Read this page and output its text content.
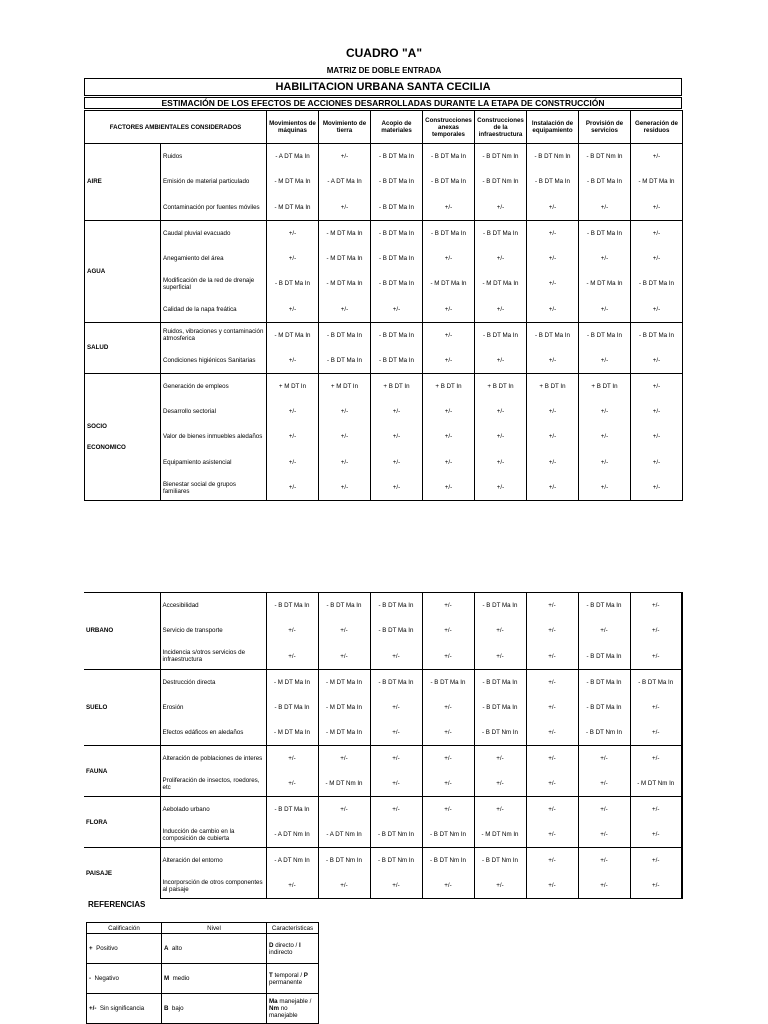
CUADRO "A"
MATRIZ DE DOBLE ENTRADA
HABILITACION URBANA SANTA CECILIA
ESTIMACIÓN DE LOS EFECTOS DE ACCIONES DESARROLLADAS DURANTE LA ETAPA DE CONSTRUCCIÓN
FACTORES AMBIENTALES CONSIDERADOS		Movimientos de máquinas	Movimiento de tierra	Acopio de materiales	Construcciones anexas temporales	Construcciones de la infraestructura	Instalación de equipamiento	Provisión de servicios	Generación de residuos

AIRE	Ruidos	- A DT Ma In	+/-	- B DT Ma In	- B DT Ma In	- B DT Nm In	- B DT Nm In	- B DT Nm In	+/-
	Emisión de material particulado	- M DT Ma In	- A DT Ma In	- B DT Ma In	- B DT Ma In	- B DT Nm In	- B DT Ma In	- B DT Ma In	- M DT Ma In
	Contaminación por fuentes móviles	- M DT Ma In	+/-	- B DT Ma In	+/-	+/-	+/-	+/-	+/-

AGUA	Caudal pluvial evacuado	+/-	- M DT Ma In	- B DT Ma In	- B DT Ma In	- B DT Ma In	+/-	- B DT Ma In	+/-
	Anegamiento del área	+/-	- M DT Ma In	- B DT Ma In	+/-	+/-	+/-	+/-	+/-
	Modificación de la red de drenaje superficial	- B DT Ma In	- M DT Ma In	- B DT Ma In	- M DT Ma In	- M DT Ma In	+/-	- M DT Ma In	- B DT Ma In
	Calidad de la napa freática	+/-	+/-	+/-	+/-	+/-	+/-	+/-	+/-

SALUD	Ruidos, vibraciones y contaminación atmosferica	- M DT Ma In	- B DT Ma In	- B DT Ma In	+/-	- B DT Ma In	- B DT Ma In	- B DT Ma In	- B DT Ma In
	Condiciones higiénicos Sanitarias	+/-	- B DT Ma In	- B DT Ma In	+/-	+/-	+/-	+/-	+/-

SOCIO
ECONOMICO	Generación de empleos	+ M DT In	+ M DT In	+ B DT In	+ B DT In	+ B DT In	+ B DT In	+ B DT In	+/-
	Desarrollo sectorial	+/-	+/-	+/-	+/-	+/-	+/-	+/-	+/-
	Valor de bienes inmuebles aledaños	+/-	+/-	+/-	+/-	+/-	+/-	+/-	+/-
	Equipamiento asistencial	+/-	+/-	+/-	+/-	+/-	+/-	+/-	+/-
	Bienestar social de grupos familiares	+/-	+/-	+/-	+/-	+/-	+/-	+/-	+/-
URBANO	Accesibilidad	- B DT Ma In	- B DT Ma In	- B DT Ma In	+/-	- B DT Ma In	+/-	- B DT Ma In	+/-
	Servicio de transporte	+/-	+/-	- B DT Ma In	+/-	+/-	+/-	+/-	+/-
	Incidencia s/otros servicios de infraestructura	+/-	+/-	+/-	+/-	+/-	+/-	- B DT Ma In	+/-

SUELO	Destrucción directa	- M DT Ma In	- M DT Ma In	- B DT Ma In	- B DT Ma In	- B DT Ma In	+/-	- B DT Ma In	- B DT Ma In
	Erosión	- B DT Ma In	- M DT Ma In	+/-	+/-	- B DT Ma In	+/-	- B DT Ma In	+/-
	Efectos edáficos en aledaños	- M DT Ma In	- M DT Ma In	+/-	+/-	- B DT Nm In	+/-	- B DT Nm In	+/-

FAUNA	Alteración de poblaciones de interes	+/-	+/-	+/-	+/-	+/-	+/-	+/-	+/-
	Proliferación de insectos, roedores, etc	+/-	- M DT Nm In	+/-	+/-	+/-	+/-	+/-	- M DT Nm In

FLORA	Aebolado urbano	- B DT Ma In	+/-	+/-	+/-	+/-	+/-	+/-	+/-
	Inducción de cambio en la composición de cubierta	- A DT Nm In	- A DT Nm In	- B DT Nm In	- B DT Nm In	- M DT Nm In	+/-	+/-	+/-

PAISAJE	Alteración del entorno	- A DT Nm In	- B DT Nm In	- B DT Nm In	- B DT Nm In	- B DT Nm In	+/-	+/-	+/-
	Incorporsción de otros componentes al paisaje	+/-	+/-	+/-	+/-	+/-	+/-	+/-	+/-
REFERENCIAS
Calificación	Nivel	Características
+ Positivo	A alto	D directo / I indirecto
- Negativo	M medio	T temporal / P permanente
+/- Sin significancia	B bajo	Ma manejable / Nm no manejable
